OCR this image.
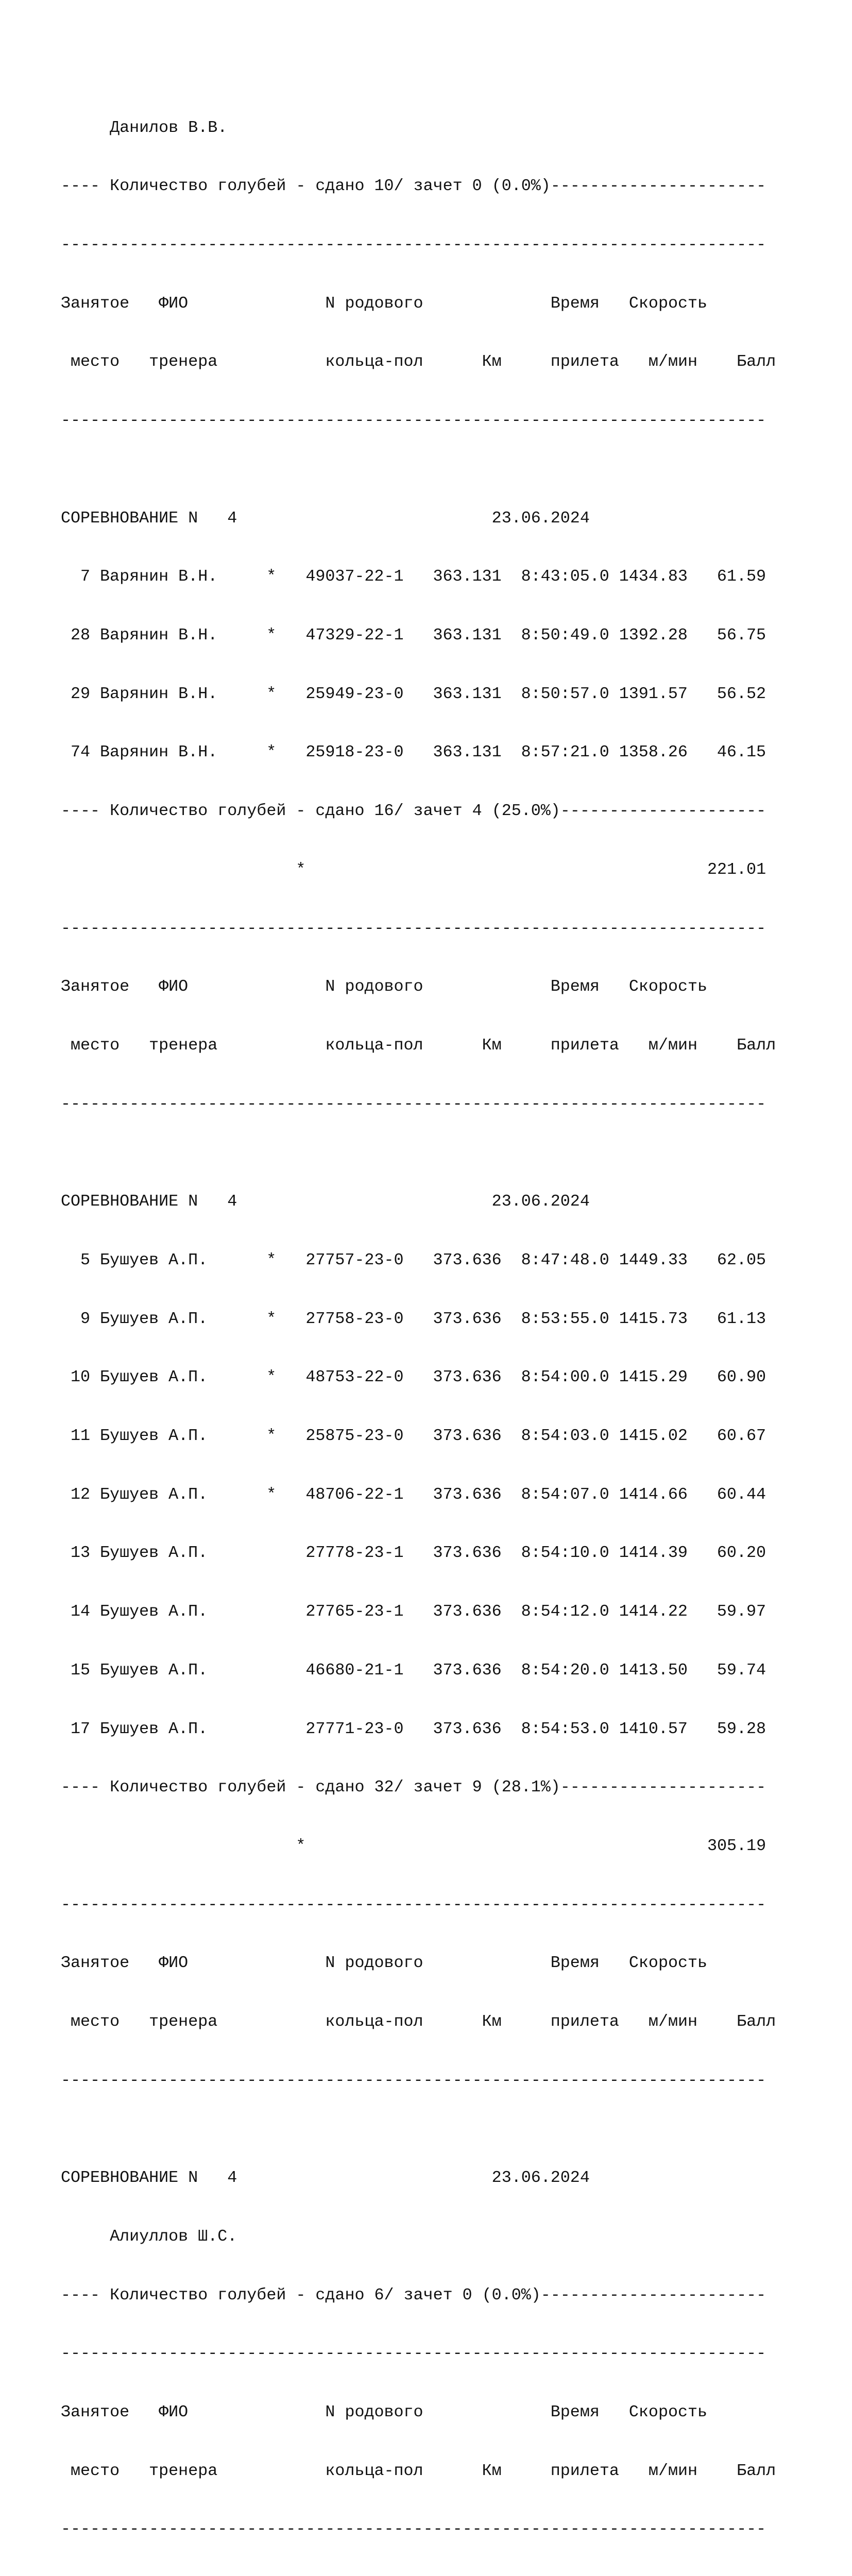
Данилов В.В.

---- Количество голубей - сдано 10/ зачет 0 (0.0%)----------------------

------------------------------------------------------------------------

Занятое   ФИО              N родового             Время   Скорость

место   тренера           кольца-пол      Км     прилета   м/мин    Балл

------------------------------------------------------------------------

СОРЕВНОВАНИЕ N   4                          23.06.2024

7 Варянин В.Н.	* 49037-22-1 363.131 8:43:05.0 1434.83 61.59

28 Варянин В.Н.	* 47329-22-1 363.131 8:50:49.0 1392.28 56.75

29 Варянин В.Н.	* 25949-23-0 363.131 8:50:57.0 1391.57 56.52

74 Варянин В.Н.	* 25918-23-0 363.131 8:57:21.0 1358.26 46.15

---- Количество голубей - сдано 16/ зачет 4 (25.0%)---------------------

*	221.01

------------------------------------------------------------------------

Занятое   ФИО              N родового             Время   Скорость

место   тренера           кольца-пол      Км     прилета   м/мин    Балл

------------------------------------------------------------------------

СОРЕВНОВАНИЕ N   4                          23.06.2024

5 Бушуев А.П.	* 27757-23-0 373.636 8:47:48.0 1449.33 62.05

9 Бушуев А.П.	* 27758-23-0 373.636 8:53:55.0 1415.73 61.13

10 Бушуев А.П.	* 48753-22-0 373.636 8:54:00.0 1415.29 60.90

11 Бушуев А.П.	* 25875-23-0 373.636 8:54:03.0 1415.02 60.67

12 Бушуев А.П.	* 48706-22-1 373.636 8:54:07.0 1414.66 60.44

13 Бушуев А.П.	27778-23-1 373.636 8:54:10.0 1414.39 60.20

14 Бушуев А.П.	27765-23-1 373.636 8:54:12.0 1414.22 59.97

15 Бушуев А.П.	46680-21-1 373.636 8:54:20.0 1413.50 59.74

17 Бушуев А.П.	27771-23-0 373.636 8:54:53.0 1410.57 59.28

---- Количество голубей - сдано 32/ зачет 9 (28.1%)---------------------

*	305.19

------------------------------------------------------------------------

Занятое   ФИО              N родового             Время   Скорость

место   тренера           кольца-пол      Км     прилета   м/мин    Балл

------------------------------------------------------------------------

СОРЕВНОВАНИЕ N   4                          23.06.2024

Алиуллов Ш.С.

---- Количество голубей - сдано 6/ зачет 0 (0.0%)-----------------------

------------------------------------------------------------------------

Занятое   ФИО              N родового             Время   Скорость

место   тренера           кольца-пол      Км     прилета   м/мин    Балл

------------------------------------------------------------------------
